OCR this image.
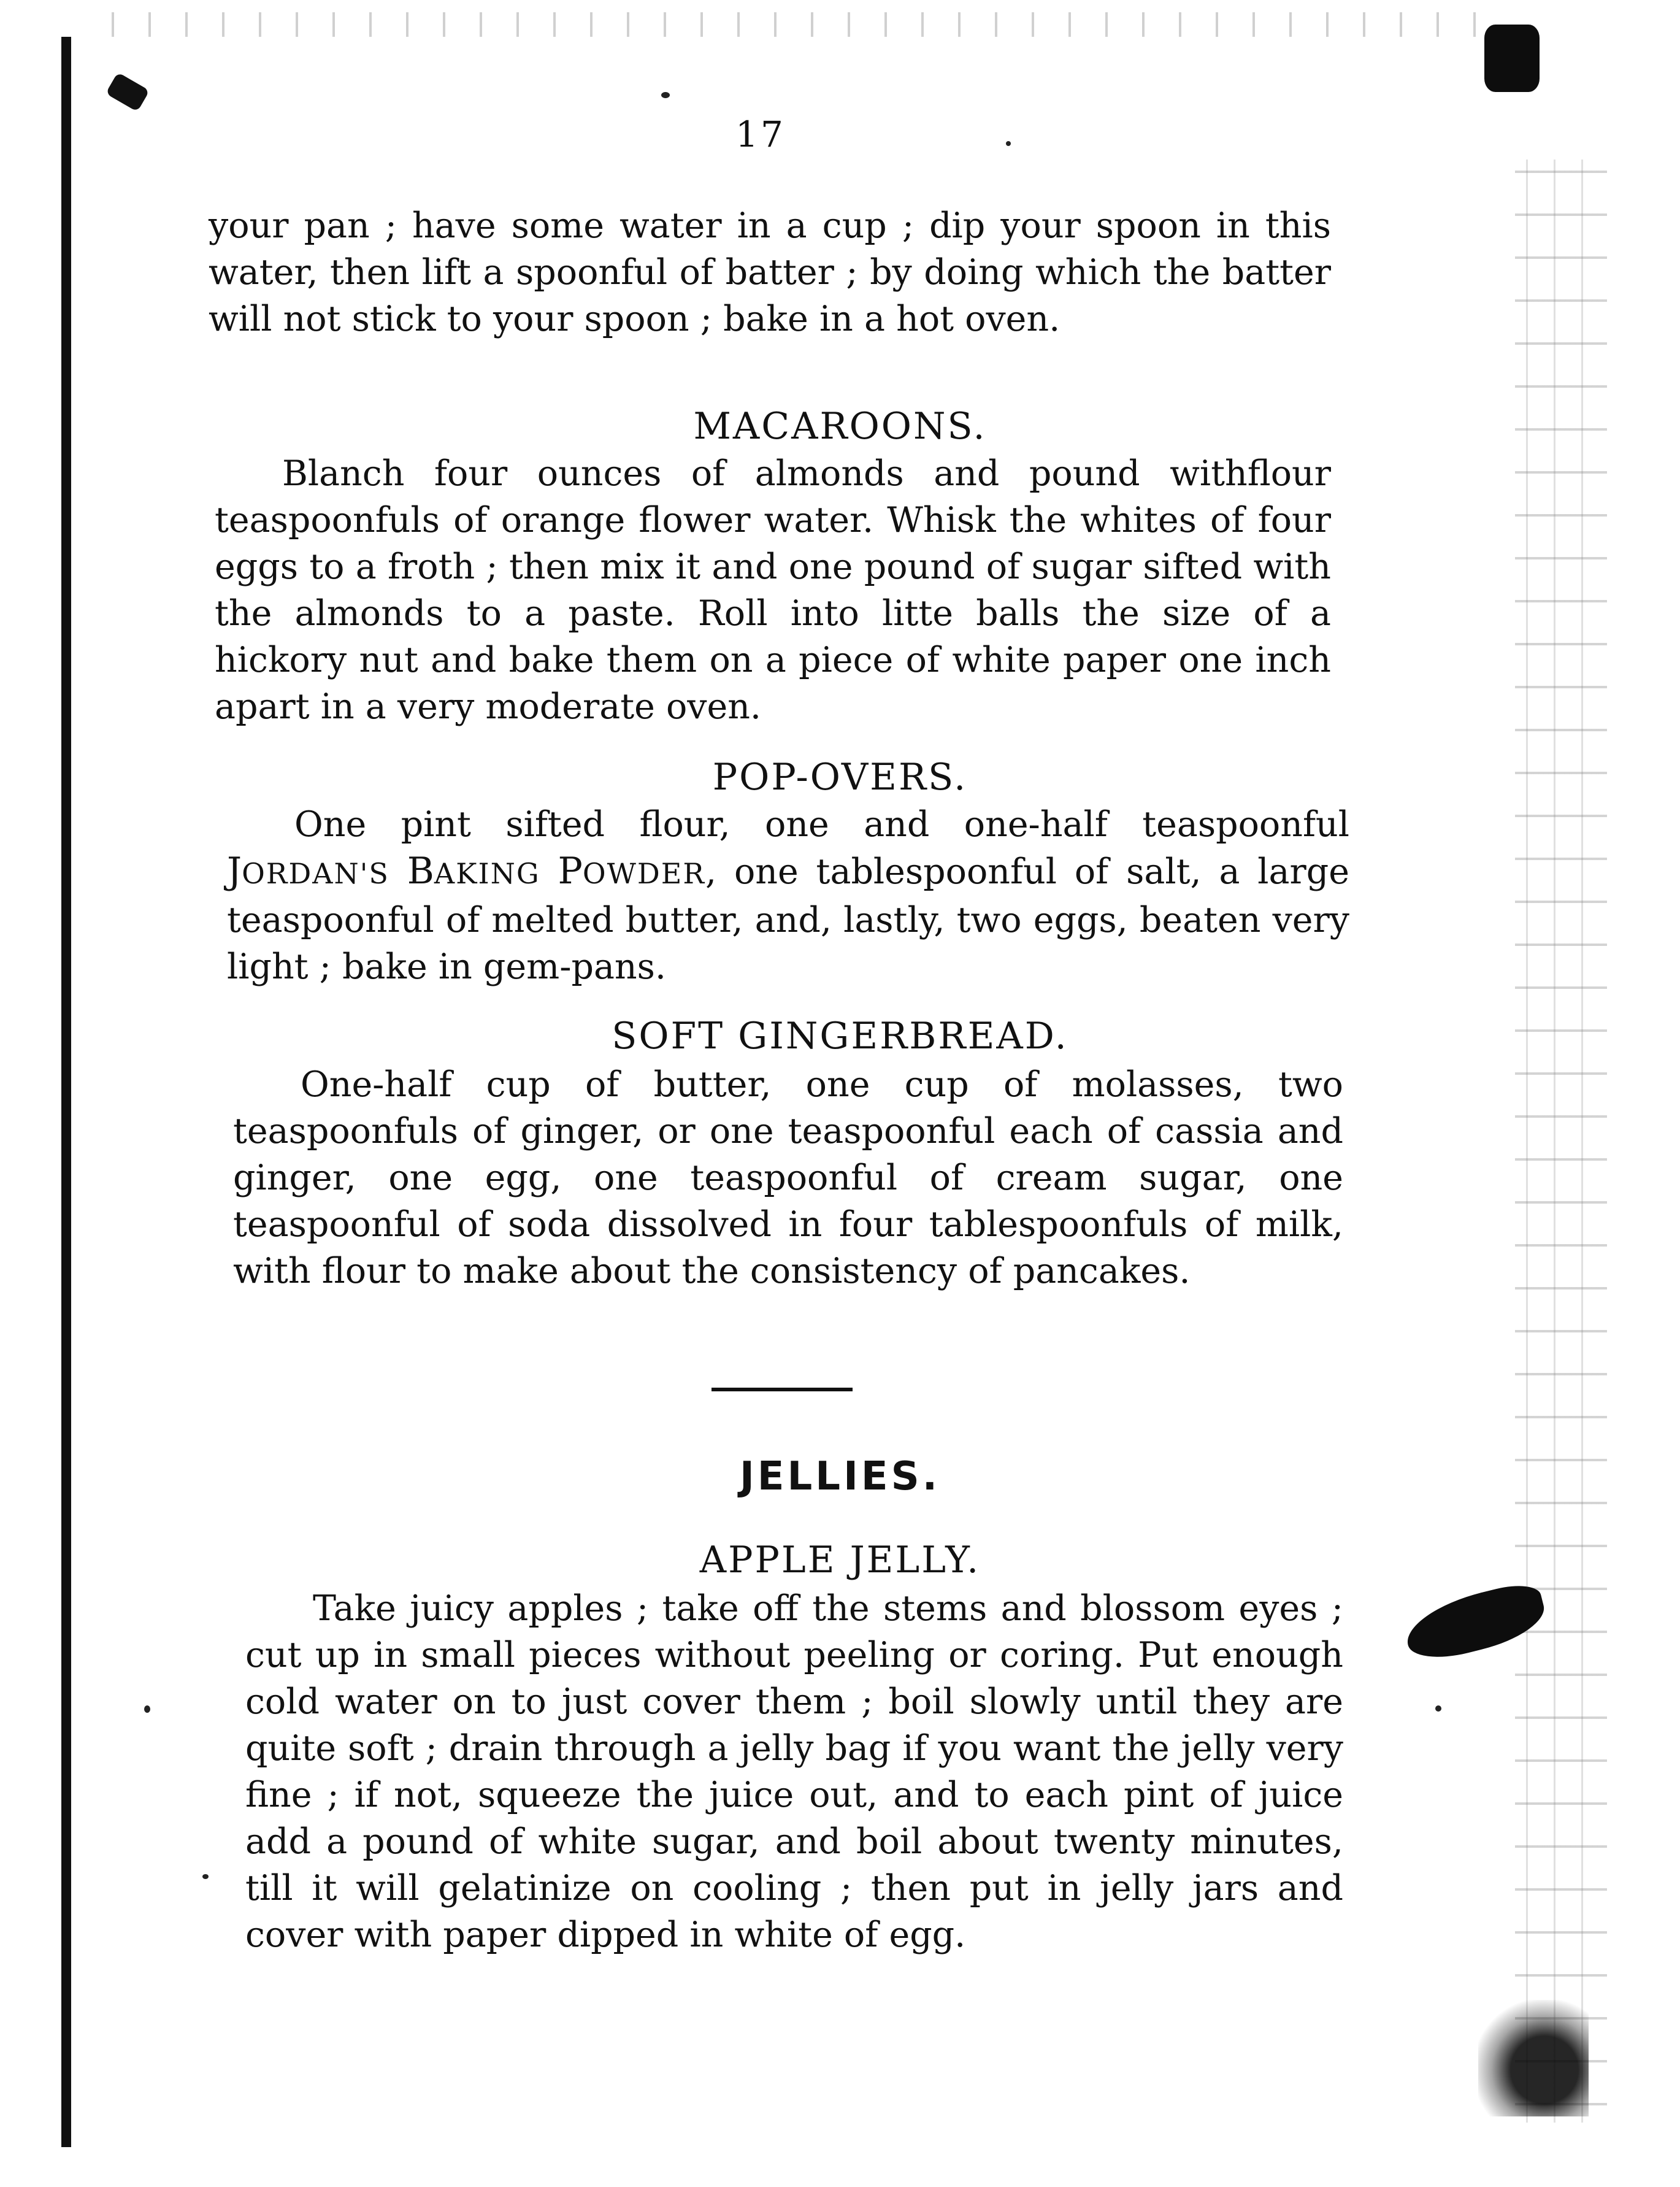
17
your pan ; have some water in a cup ; dip your spoon in this water, then lift a spoonful of batter ; by doing which the batter will not stick to your spoon ; bake in a hot oven.
MACAROONS.
Blanch four ounces of almonds and pound withflour teaspoonfuls of orange flower water. Whisk the whites of four eggs to a froth ; then mix it and one pound of sugar sifted with the almonds to a paste. Roll into litte balls the size of a hickory nut and bake them on a piece of white paper one inch apart in a very moderate oven.
POP-OVERS.
One pint sifted flour, one and one-half teaspoonful JORDAN'S BAKING POWDER, one tablespoonful of salt, a large teaspoonful of melted butter, and, lastly, two eggs, beaten very light ; bake in gem-pans.
SOFT GINGERBREAD.
One-half cup of butter, one cup of molasses, two teaspoonfuls of ginger, or one teaspoonful each of cassia and ginger, one egg, one teaspoonful of cream sugar, one teaspoonful of soda dissolved in four tablespoonfuls of milk, with flour to make about the consistency of pancakes.
JELLIES.
APPLE JELLY.
Take juicy apples ; take off the stems and blossom eyes ; cut up in small pieces without peeling or coring. Put enough cold water on to just cover them ; boil slowly until they are quite soft ; drain through a jelly bag if you want the jelly very fine ; if not, squeeze the juice out, and to each pint of juice add a pound of white sugar, and boil about twenty minutes, till it will gelatinize on cooling ; then put in jelly jars and cover with paper dipped in white of egg.
